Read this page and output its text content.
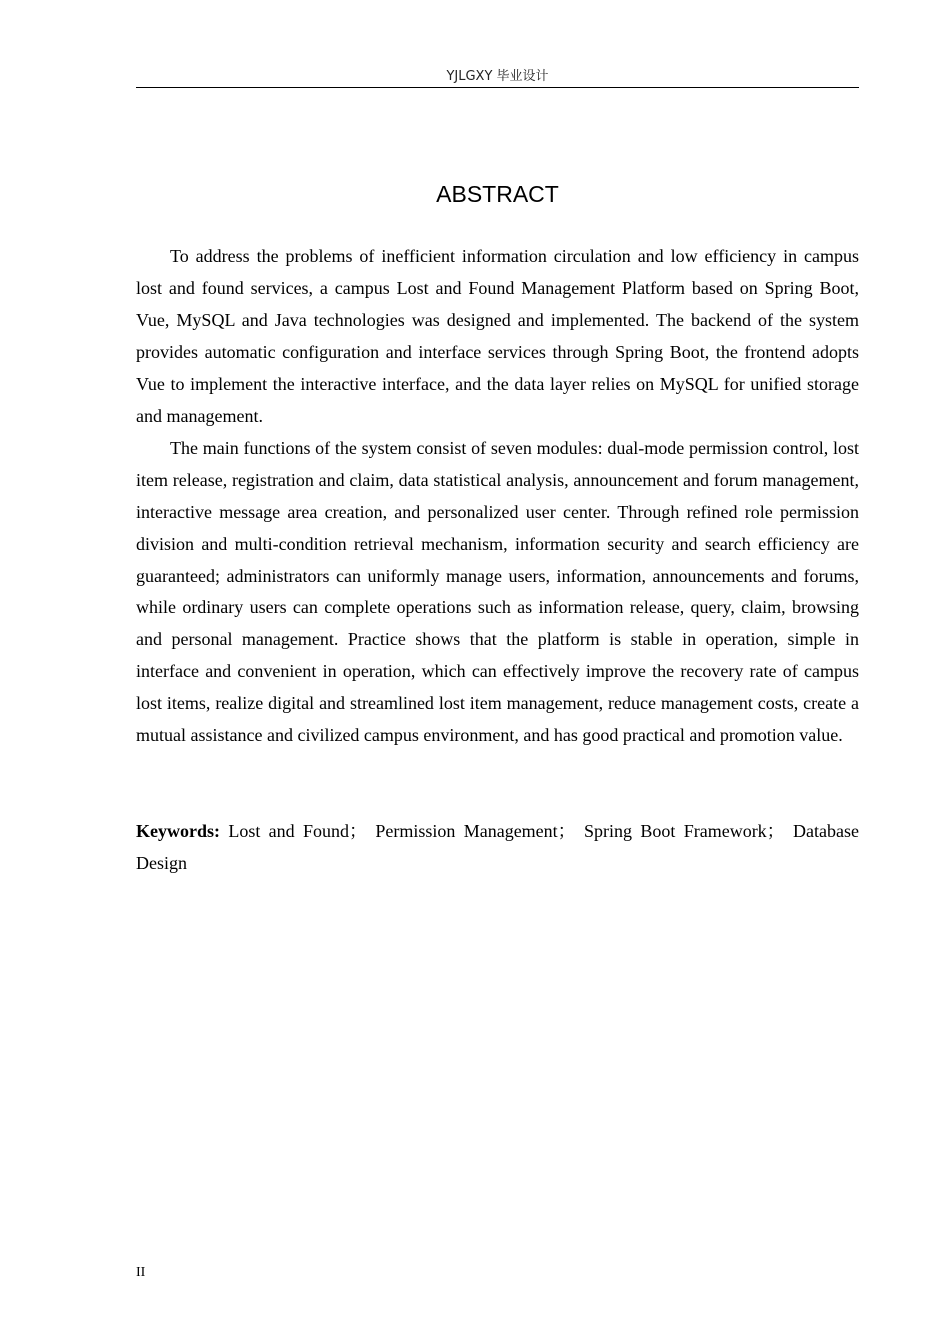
YJLGXY 毕业设计
ABSTRACT

To address the problems of inefficient information circulation and low efficiency in campus lost and found services, a campus Lost and Found Management Platform based on Spring Boot, Vue, MySQL and Java technologies was designed and implemented. The backend of the system provides automatic configuration and interface services through Spring Boot, the frontend adopts Vue to implement the interactive interface, and the data layer relies on MySQL for unified storage and management.

The main functions of the system consist of seven modules: dual-mode permission control, lost item release, registration and claim, data statistical analysis, announcement and forum management, interactive message area creation, and personalized user center. Through refined role permission division and multi-condition retrieval mechanism, information security and search efficiency are guaranteed; administrators can uniformly manage users, information, announcements and forums, while ordinary users can complete operations such as information release, query, claim, browsing and personal management. Practice shows that the platform is stable in operation, simple in interface and convenient in operation, which can effectively improve the recovery rate of campus lost items, realize digital and streamlined lost item management, reduce management costs, create a mutual assistance and civilized campus environment, and has good practical and promotion value.

Keywords: Lost and Found； Permission Management； Spring Boot Framework； Database Design
II
